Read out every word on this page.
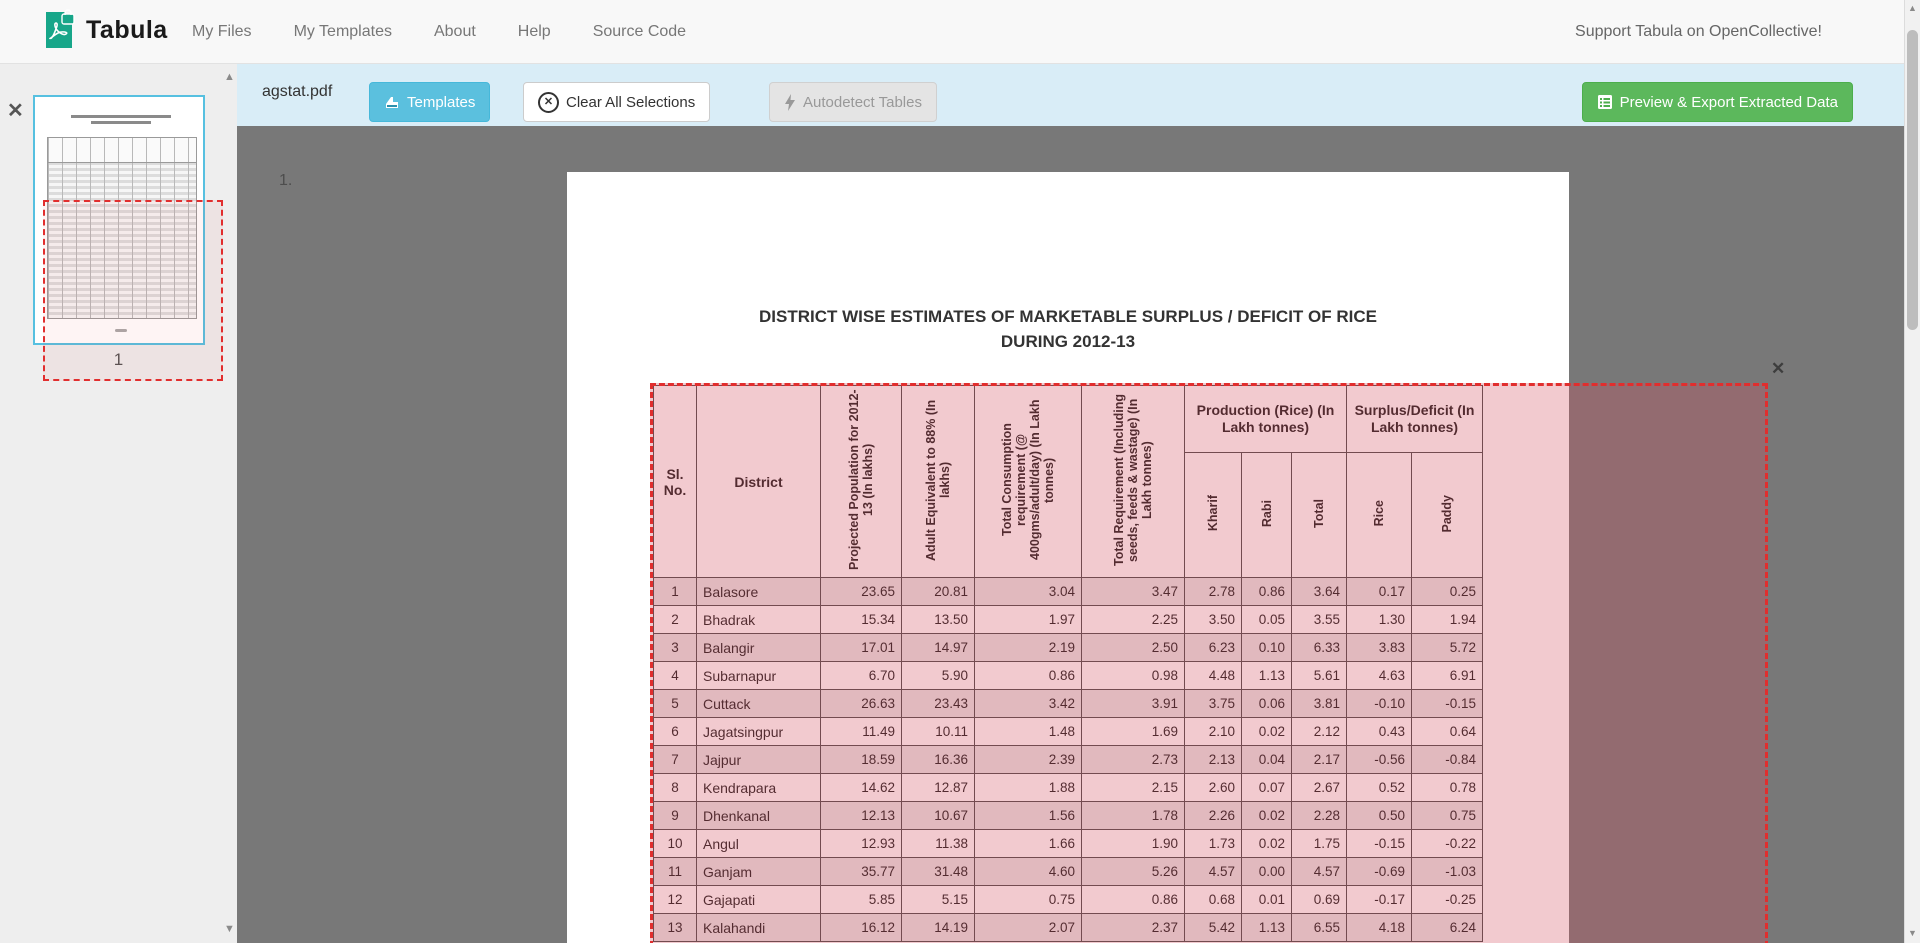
Tabula My Files	My Templates	About	Help	Source Code	Support Tabula on OpenCollective!
agstat.pdf
Templates	✕ Clear All Selections	Autodetect Tables	Preview & Export Extracted Data
✕
1
▲
▼
1.
DISTRICT WISE ESTIMATES OF MARKETABLE SURPLUS / DEFICIT OF RICE
DURING 2012-13
Sl. No.	District	Projected Population for 2012-13 (In lakhs)	Adult Equivalent to 88% (In lakhs)	Total Consumption requirement (@ 400gms/adult/day) (In Lakh tonnes)	Total Requirement (Including seeds, feeds & wastage) (In Lakh tonnes)	Production (Rice) (In Lakh tonnes)			Surplus/Deficit (In Lakh tonnes)	
						Kharif	Rabi	Total	Rice	Paddy
1	Balasore	23.65	20.81	3.04	3.47	2.78	0.86	3.64	0.17	0.25
2	Bhadrak	15.34	13.50	1.97	2.25	3.50	0.05	3.55	1.30	1.94
3	Balangir	17.01	14.97	2.19	2.50	6.23	0.10	6.33	3.83	5.72
4	Subarnapur	6.70	5.90	0.86	0.98	4.48	1.13	5.61	4.63	6.91
5	Cuttack	26.63	23.43	3.42	3.91	3.75	0.06	3.81	-0.10	-0.15
6	Jagatsingpur	11.49	10.11	1.48	1.69	2.10	0.02	2.12	0.43	0.64
7	Jajpur	18.59	16.36	2.39	2.73	2.13	0.04	2.17	-0.56	-0.84
8	Kendrapara	14.62	12.87	1.88	2.15	2.60	0.07	2.67	0.52	0.78
9	Dhenkanal	12.13	10.67	1.56	1.78	2.26	0.02	2.28	0.50	0.75
10	Angul	12.93	11.38	1.66	1.90	1.73	0.02	1.75	-0.15	-0.22
11	Ganjam	35.77	31.48	4.60	5.26	4.57	0.00	4.57	-0.69	-1.03
12	Gajapati	5.85	5.15	0.75	0.86	0.68	0.01	0.69	-0.17	-0.25
13	Kalahandi	16.12	14.19	2.07	2.37	5.42	1.13	6.55	4.18	6.24
✕
▲
▼
